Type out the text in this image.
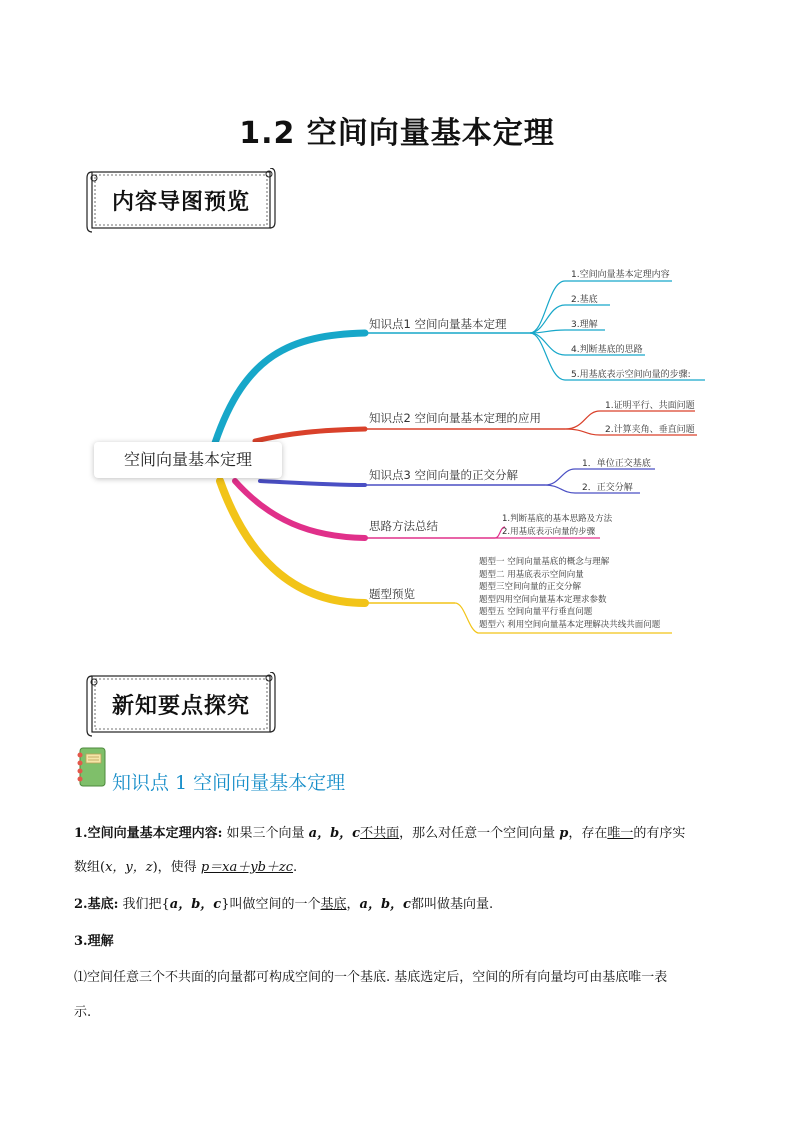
1.2 空间向量基本定理
内容导图预览
空间向量基本定理
知识点1 空间向量基本定理
知识点2 空间向量基本定理的应用
知识点3 空间向量的正交分解
思路方法总结
题型预览
1.空间向量基本定理内容
2.基底
3.理解
4.判断基底的思路
5.用基底表示空间向量的步骤:
1.证明平行、共面问题
2.计算夹角、垂直问题
1．单位正交基底
2．正交分解
1.判断基底的基本思路及方法
2.用基底表示向量的步骤
题型一 空间向量基底的概念与理解
题型二 用基底表示空间向量
题型三空间向量的正交分解
题型四用空间向量基本定理求参数
题型五 空间向量平行垂直问题
题型六 利用空间向量基本定理解决共线共面问题
新知要点探究
知识点 1 空间向量基本定理
1.空间向量基本定理内容: 如果三个向量 a，b，c不共面，那么对任意一个空间向量 p，存在唯一的有序实
数组(x，y，z)，使得 p＝xa＋yb＋zc.
2.基底: 我们把{a，b，c}叫做空间的一个基底，a，b，c都叫做基向量.
3.理解
⑴空间任意三个不共面的向量都可构成空间的一个基底. 基底选定后，空间的所有向量均可由基底唯一表
示.
